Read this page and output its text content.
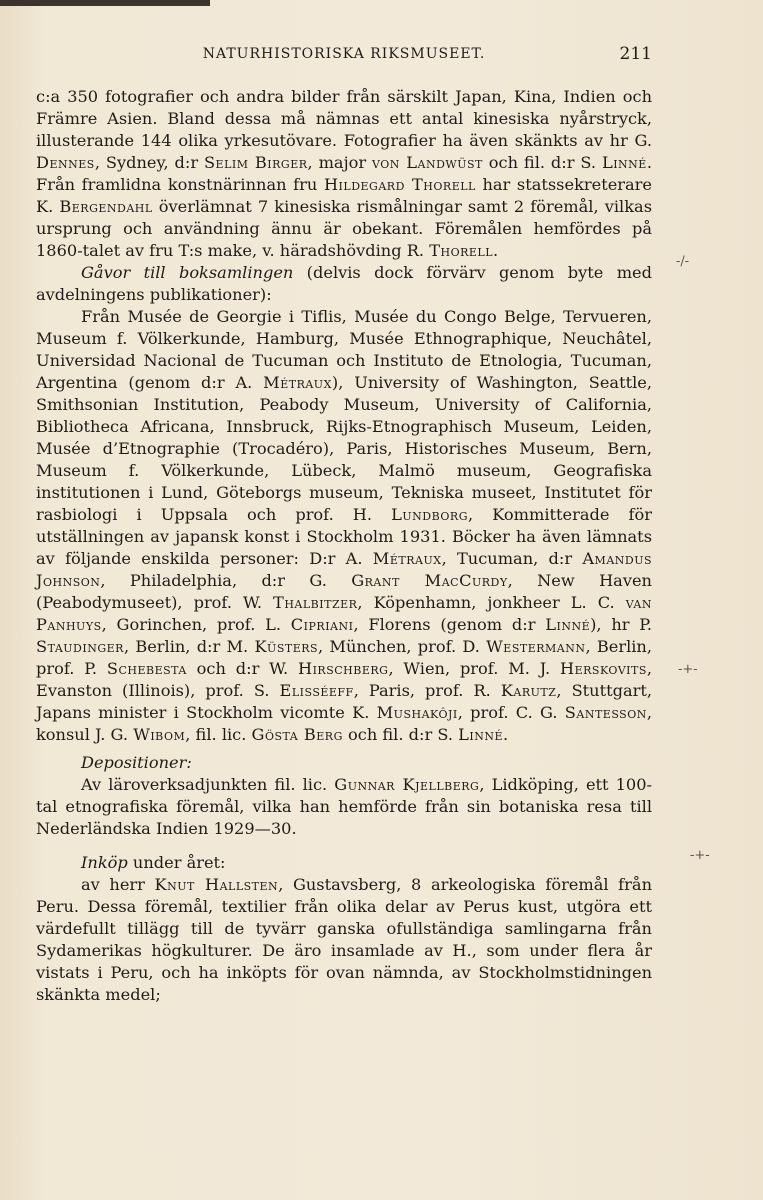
NATURHISTORISKA RIKSMUSEET.	211

c:a 350 fotografier och andra bilder från särskilt Japan, Kina, Indien och Främre Asien. Bland dessa må nämnas ett antal kinesiska nyårstryck, illusterande 144 olika yrkesutövare. Fotografier ha även skänkts av hr G. Dennes, Sydney, d:r Selim Birger, major von Landwüst och fil. d:r S. Linné. Från framlidna konstnärinnan fru Hildegard Thorell har statssekreterare K. Bergendahl överlämnat 7 kinesiska rismålningar samt 2 föremål, vilkas ursprung och användning ännu är obekant. Föremålen hemfördes på 1860-talet av fru T:s make, v. häradshövding R. Thorell.

Gåvor till boksamlingen (delvis dock förvärv genom byte med avdelningens publikationer):

Från Musée de Georgie i Tiflis, Musée du Congo Belge, Tervueren, Museum f. Völkerkunde, Hamburg, Musée Ethnographique, Neuchâtel, Universidad Nacional de Tucuman och Instituto de Etnologia, Tucuman, Argentina (genom d:r A. Métraux), University of Washington, Seattle, Smithsonian Institution, Peabody Museum, University of California, Bibliotheca Africana, Innsbruck, Rijks-Etnographisch Museum, Leiden, Musée d’Etnographie (Trocadéro), Paris, Historisches Museum, Bern, Museum f. Völkerkunde, Lübeck, Malmö museum, Geografiska institutionen i Lund, Göteborgs museum, Tekniska museet, Institutet för rasbiologi i Uppsala och prof. H. Lundborg, Kommitterade för utställningen av japansk konst i Stockholm 1931. Böcker ha även lämnats av följande enskilda personer: D:r A. Métraux, Tucuman, d:r Amandus Johnson, Philadelphia, d:r G. Grant MacCurdy, New Haven (Peabodymuseet), prof. W. Thalbitzer, Köpenhamn, jonkheer L. C. van Panhuys, Gorinchen, prof. L. Cipriani, Florens (genom d:r Linné), hr P. Staudinger, Berlin, d:r M. Küsters, München, prof. D. Westermann, Berlin, prof. P. Schebesta och d:r W. Hirschberg, Wien, prof. M. J. Herskovits, Evanston (Illinois), prof. S. Elisséeff, Paris, prof. R. Karutz, Stuttgart, Japans minister i Stockholm vicomte K. Mushakôji, prof. C. G. Santesson, konsul J. G. Wibom, fil. lic. Gösta Berg och fil. d:r S. Linné.

Depositioner:

Av läroverksadjunkten fil. lic. Gunnar Kjellberg, Lidköping, ett 100-tal etnografiska föremål, vilka han hemförde från sin botaniska resa till Nederländska Indien 1929—30.

Inköp under året:

av herr Knut Hallsten, Gustavsberg, 8 arkeologiska föremål från Peru. Dessa föremål, textilier från olika delar av Perus kust, utgöra ett värdefullt tillägg till de tyvärr ganska ofullständiga samlingarna från Sydamerikas högkulturer. De äro insamlade av H., som under flera år vistats i Peru, och ha inköpts för ovan nämnda, av Stockholmstidningen skänkta medel;

-/-
-+-
-+-
